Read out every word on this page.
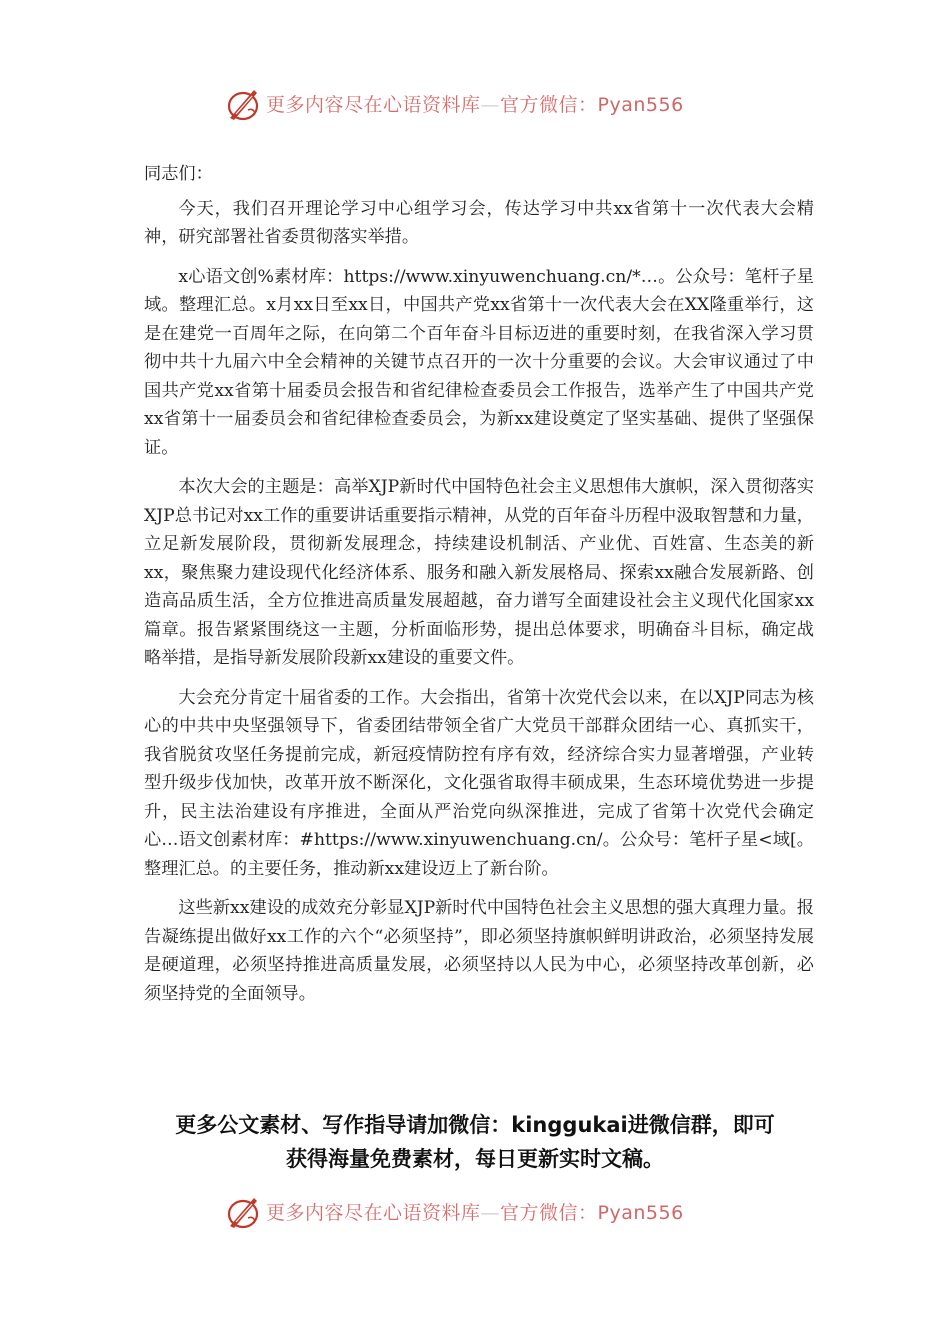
更多内容尽在心语资料库—官方微信：Pyan556

同志们：

今天，我们召开理论学习中心组学习会，传达学习中共xx省第十一次代表大会精神，研究部署社省委贯彻落实举措。

x心语文创%素材库：https://www.xinyuwenchuang.cn/*…。公众号：笔杆子星域。整理汇总。x月xx日至xx日，中国共产党xx省第十一次代表大会在XX隆重举行，这是在建党一百周年之际，在向第二个百年奋斗目标迈进的重要时刻，在我省深入学习贯彻中共十九届六中全会精神的关键节点召开的一次十分重要的会议。大会审议通过了中国共产党xx省第十届委员会报告和省纪律检查委员会工作报告，选举产生了中国共产党xx省第十一届委员会和省纪律检查委员会，为新xx建设奠定了坚实基础、提供了坚强保证。

本次大会的主题是：高举XJP新时代中国特色社会主义思想伟大旗帜，深入贯彻落实XJP总书记对xx工作的重要讲话重要指示精神，从党的百年奋斗历程中汲取智慧和力量，立足新发展阶段，贯彻新发展理念，持续建设机制活、产业优、百姓富、生态美的新xx，聚焦聚力建设现代化经济体系、服务和融入新发展格局、探索xx融合发展新路、创造高品质生活，全方位推进高质量发展超越，奋力谱写全面建设社会主义现代化国家xx篇章。报告紧紧围绕这一主题，分析面临形势，提出总体要求，明确奋斗目标，确定战略举措，是指导新发展阶段新xx建设的重要文件。

大会充分肯定十届省委的工作。大会指出，省第十次党代会以来，在以XJP同志为核心的中共中央坚强领导下，省委团结带领全省广大党员干部群众团结一心、真抓实干，我省脱贫攻坚任务提前完成，新冠疫情防控有序有效，经济综合实力显著增强，产业转型升级步伐加快，改革开放不断深化，文化强省取得丰硕成果，生态环境优势进一步提升，民主法治建设有序推进，全面从严治党向纵深推进，完成了省第十次党代会确定心…语文创素材库：#https://www.xinyuwenchuang.cn/。公众号：笔杆子星<域[。整理汇总。的主要任务，推动新xx建设迈上了新台阶。

这些新xx建设的成效充分彰显XJP新时代中国特色社会主义思想的强大真理力量。报告凝练提出做好xx工作的六个“必须坚持”，即必须坚持旗帜鲜明讲政治，必须坚持发展是硬道理，必须坚持推进高质量发展，必须坚持以人民为中心，必须坚持改革创新，必须坚持党的全面领导。

更多公文素材、写作指导请加微信：kinggukai进微信群，即可
获得海量免费素材，每日更新实时文稿。
更多内容尽在心语资料库—官方微信：Pyan556
